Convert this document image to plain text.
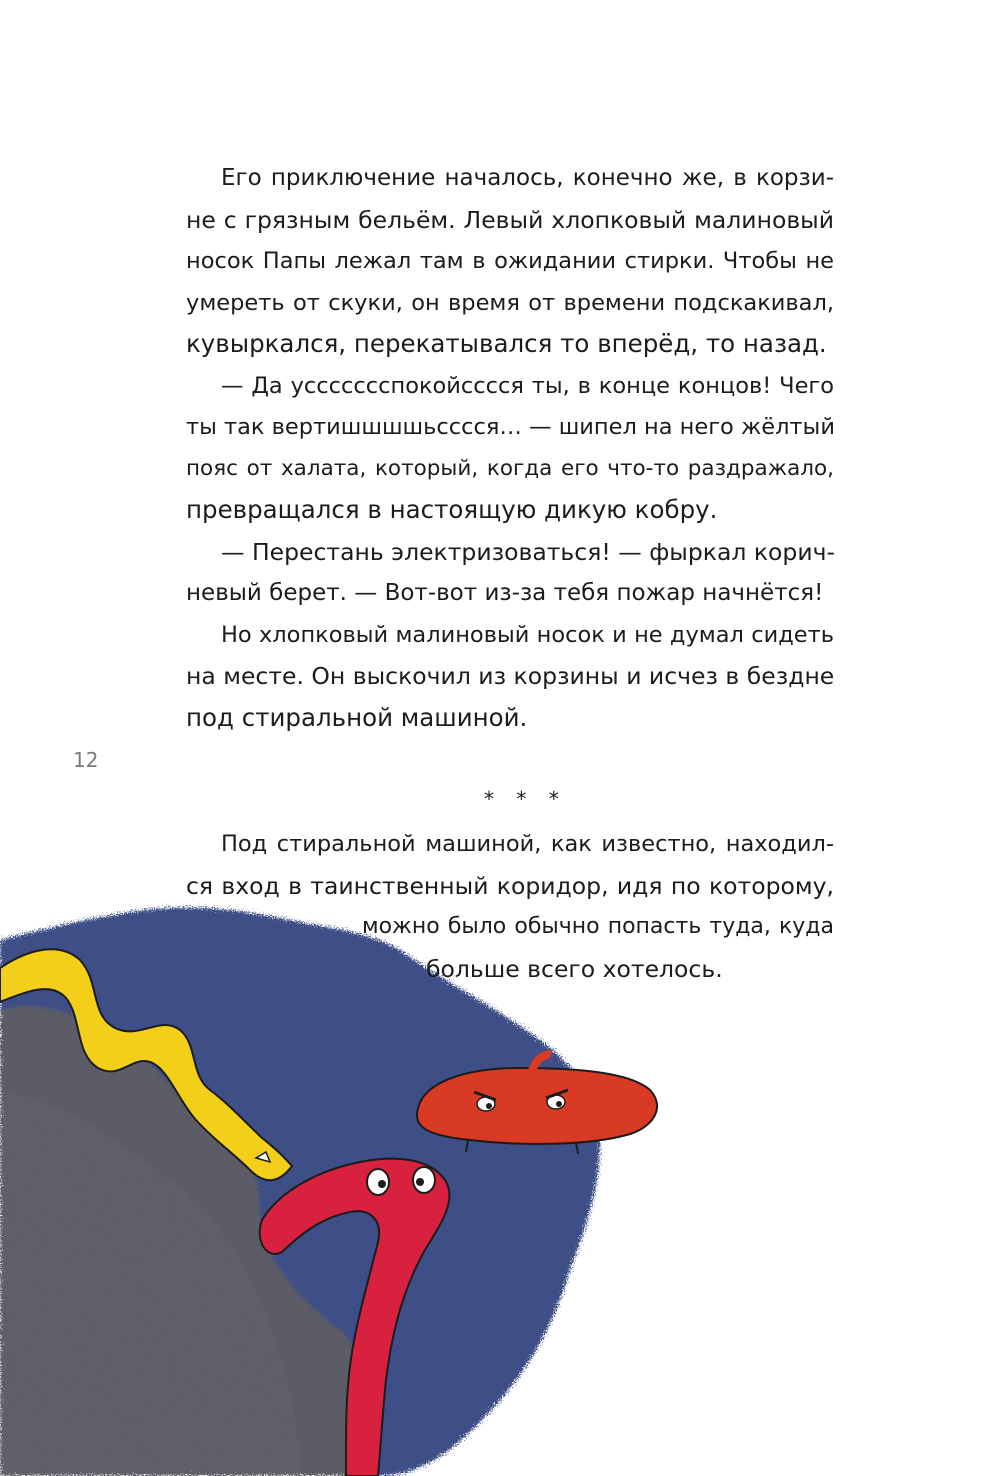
Его приключение началось, конечно же, в корзи-
не с грязным бельём. Левый хлопковый малиновый
носок Папы лежал там в ожидании стирки. Чтобы не
умереть от скуки, он время от времени подскакивал,
кувыркался, перекатывался то вперёд, то назад.
— Да уссссссспокойсссся ты, в конце концов! Чего
ты так вертишшшшьсссся… — шипел на него жёлтый
пояс от халата, который, когда его что-то раздражало,
превращался в настоящую дикую кобру.
— Перестань электризоваться! — фыркал корич-
невый берет. — Вот-вот из-за тебя пожар начнётся!
Но хлопковый малиновый носок и не думал сидеть
на месте. Он выскочил из корзины и исчез в бездне
под стиральной машиной.
12
* * *
Под стиральной машиной, как известно, находил-
ся вход в таинственный коридор, идя по которому,
можно было обычно попасть туда, куда
больше всего хотелось.
